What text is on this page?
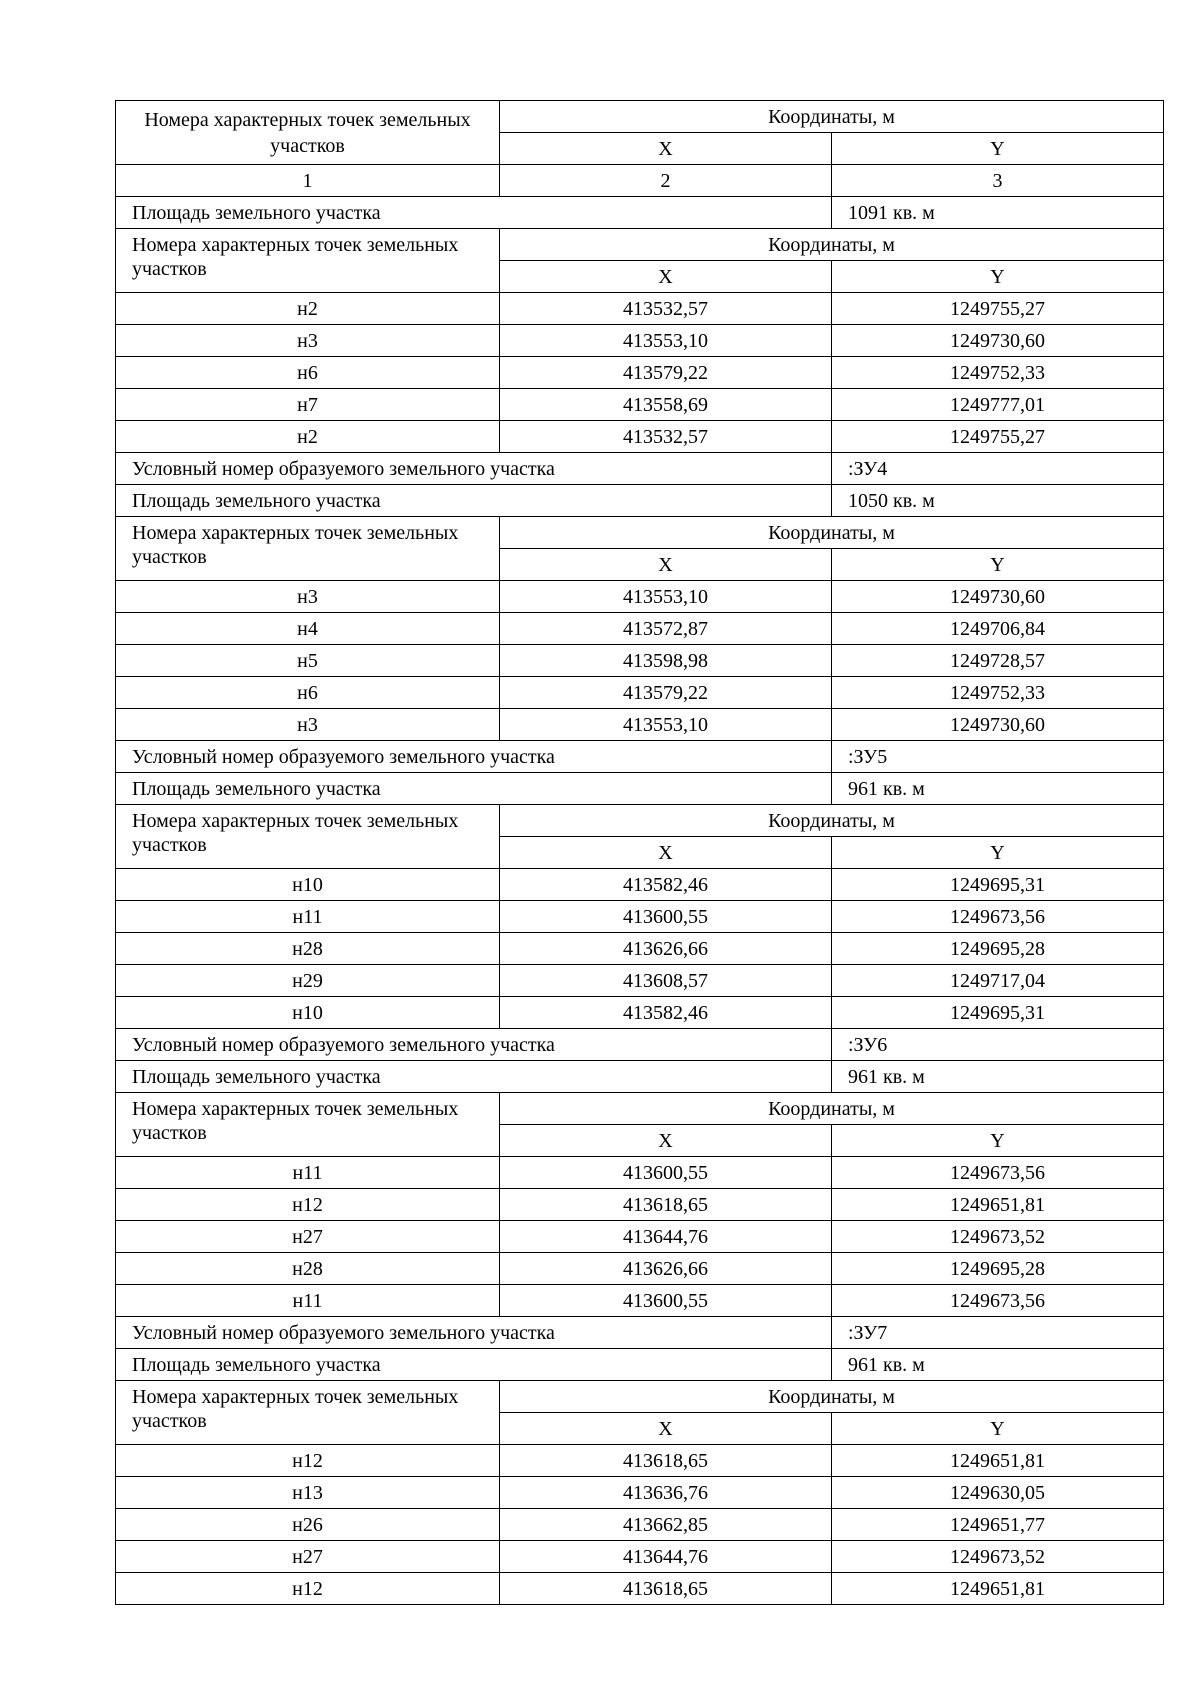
Номера характерных точек земельных участков	Координаты, м	
	X	Y
1	2	3
Площадь земельного участка		1091 кв. м
Номера характерных точек земельных участков	Координаты, м	
	X	Y
н2	413532,57	1249755,27
н3	413553,10	1249730,60
н6	413579,22	1249752,33
н7	413558,69	1249777,01
н2	413532,57	1249755,27
Условный номер образуемого земельного участка		:ЗУ4
Площадь земельного участка		1050 кв. м
Номера характерных точек земельных участков	Координаты, м	
	X	Y
н3	413553,10	1249730,60
н4	413572,87	1249706,84
н5	413598,98	1249728,57
н6	413579,22	1249752,33
н3	413553,10	1249730,60
Условный номер образуемого земельного участка		:ЗУ5
Площадь земельного участка		961 кв. м
Номера характерных точек земельных участков	Координаты, м	
	X	Y
н10	413582,46	1249695,31
н11	413600,55	1249673,56
н28	413626,66	1249695,28
н29	413608,57	1249717,04
н10	413582,46	1249695,31
Условный номер образуемого земельного участка		:ЗУ6
Площадь земельного участка		961 кв. м
Номера характерных точек земельных участков	Координаты, м	
	X	Y
н11	413600,55	1249673,56
н12	413618,65	1249651,81
н27	413644,76	1249673,52
н28	413626,66	1249695,28
н11	413600,55	1249673,56
Условный номер образуемого земельного участка		:ЗУ7
Площадь земельного участка		961 кв. м
Номера характерных точек земельных участков	Координаты, м	
	X	Y
н12	413618,65	1249651,81
н13	413636,76	1249630,05
н26	413662,85	1249651,77
н27	413644,76	1249673,52
н12	413618,65	1249651,81
